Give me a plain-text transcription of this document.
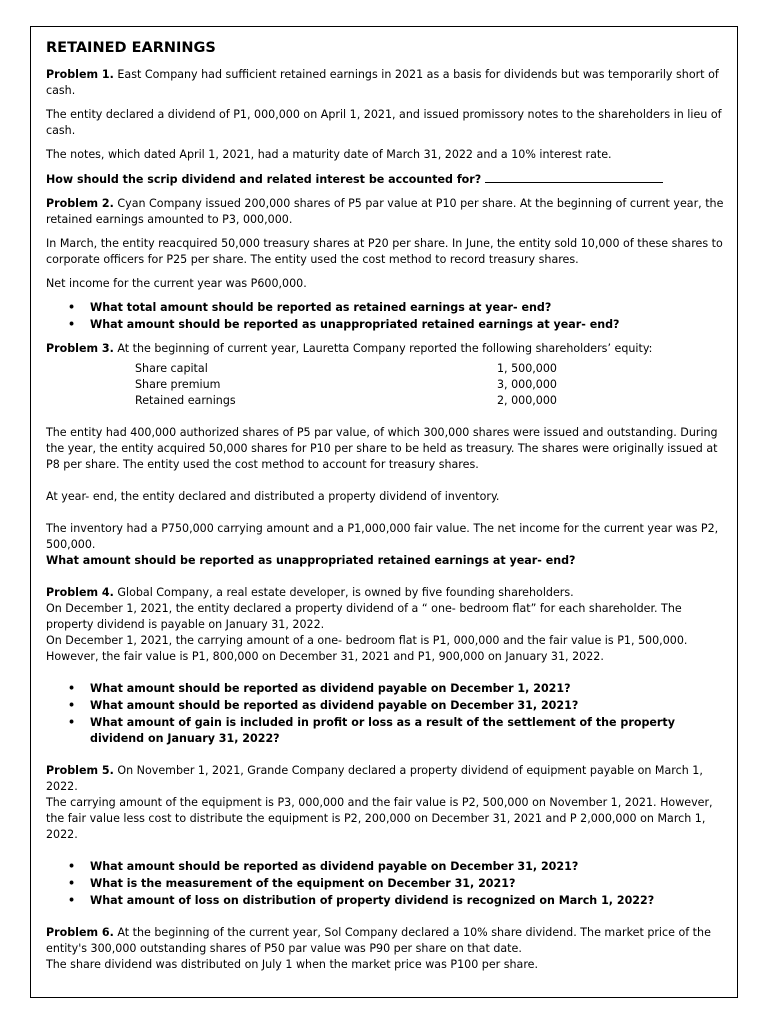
RETAINED EARNINGS

Problem 1. East Company had sufficient retained earnings in 2021 as a basis for dividends but was temporarily short of cash.

The entity declared a dividend of P1, 000,000 on April 1, 2021, and issued promissory notes to the shareholders in lieu of cash.

The notes, which dated April 1, 2021, had a maturity date of March 31, 2022 and a 10% interest rate.

How should the scrip dividend and related interest be accounted for?

Problem 2. Cyan Company issued 200,000 shares of P5 par value at P10 per share. At the beginning of current year, the retained earnings amounted to P3, 000,000.

In March, the entity reacquired 50,000 treasury shares at P20 per share. In June, the entity sold 10,000 of these shares to corporate officers for P25 per share. The entity used the cost method to record treasury shares.

Net income for the current year was P600,000.

• What total amount should be reported as retained earnings at year- end?
• What amount should be reported as unappropriated retained earnings at year- end?

Problem 3. At the beginning of current year, Lauretta Company reported the following shareholders’ equity:

Share capital	1, 500,000
Share premium	3, 000,000
Retained earnings	2, 000,000

The entity had 400,000 authorized shares of P5 par value, of which 300,000 shares were issued and outstanding. During the year, the entity acquired 50,000 shares for P10 per share to be held as treasury. The shares were originally issued at P8 per share. The entity used the cost method to account for treasury shares.

At year- end, the entity declared and distributed a property dividend of inventory.

The inventory had a P750,000 carrying amount and a P1,000,000 fair value. The net income for the current year was P2, 500,000.

What amount should be reported as unappropriated retained earnings at year- end?

Problem 4. Global Company, a real estate developer, is owned by five founding shareholders.

On December 1, 2021, the entity declared a property dividend of a “ one- bedroom flat” for each shareholder. The property dividend is payable on January 31, 2022.

On December 1, 2021, the carrying amount of a one- bedroom flat is P1, 000,000 and the fair value is P1, 500,000. However, the fair value is P1, 800,000 on December 31, 2021 and P1, 900,000 on January 31, 2022.

• What amount should be reported as dividend payable on December 1, 2021?
• What amount should be reported as dividend payable on December 31, 2021?
• What amount of gain is included in profit or loss as a result of the settlement of the property dividend on January 31, 2022?

Problem 5. On November 1, 2021, Grande Company declared a property dividend of equipment payable on March 1, 2022.

The carrying amount of the equipment is P3, 000,000 and the fair value is P2, 500,000 on November 1, 2021. However, the fair value less cost to distribute the equipment is P2, 200,000 on December 31, 2021 and P 2,000,000 on March 1, 2022.

• What amount should be reported as dividend payable on December 31, 2021?
• What is the measurement of the equipment on December 31, 2021?
• What amount of loss on distribution of property dividend is recognized on March 1, 2022?

Problem 6. At the beginning of the current year, Sol Company declared a 10% share dividend. The market price of the entity's 300,000 outstanding shares of P50 par value was P90 per share on that date.

The share dividend was distributed on July 1 when the market price was P100 per share.
